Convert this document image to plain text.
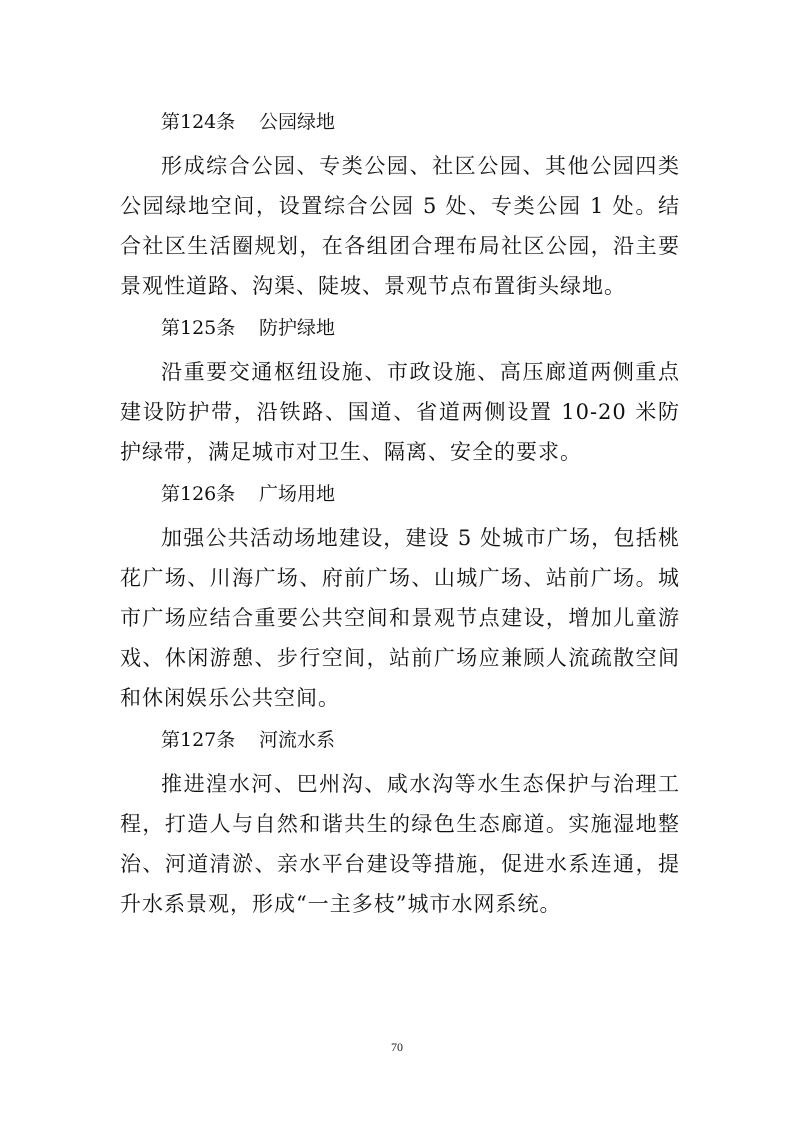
第124条 公园绿地

形成综合公园、专类公园、社区公园、其他公园四类公园绿地空间，设置综合公园 5 处、专类公园 1 处。结合社区生活圈规划，在各组团合理布局社区公园，沿主要景观性道路、沟渠、陡坡、景观节点布置街头绿地。

第125条 防护绿地

沿重要交通枢纽设施、市政设施、高压廊道两侧重点建设防护带，沿铁路、国道、省道两侧设置 10-20 米防护绿带，满足城市对卫生、隔离、安全的要求。

第126条 广场用地

加强公共活动场地建设，建设 5 处城市广场，包括桃花广场、川海广场、府前广场、山城广场、站前广场。城市广场应结合重要公共空间和景观节点建设，增加儿童游戏、休闲游憩、步行空间，站前广场应兼顾人流疏散空间和休闲娱乐公共空间。

第127条 河流水系

推进湟水河、巴州沟、咸水沟等水生态保护与治理工程，打造人与自然和谐共生的绿色生态廊道。实施湿地整治、河道清淤、亲水平台建设等措施，促进水系连通，提升水系景观，形成“一主多枝”城市水网系统。

70
